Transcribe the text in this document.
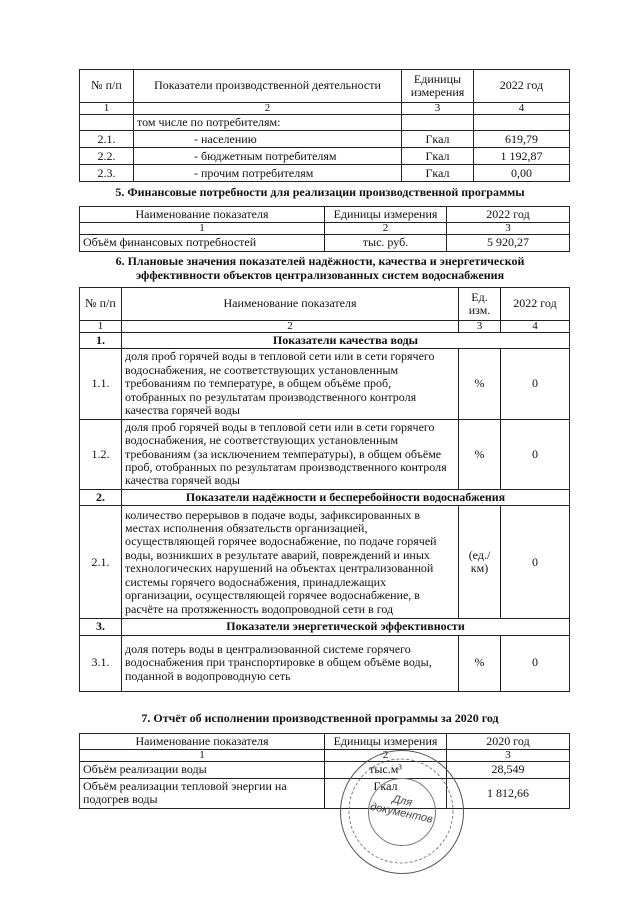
№ п/п	Показатели производственной деятельности	Единицы измерения	2022 год
1	2	3	4
	том числе по потребителям:		
2.1.	- населению	Гкал	619,79
2.2.	- бюджетным потребителям	Гкал	1 192,87
2.3.	- прочим потребителям	Гкал	0,00
5. Финансовые потребности для реализации производственной программы
Наименование показателя	Единицы измерения	2022 год
1	2	3
Объём финансовых потребностей	тыс. руб.	5 920,27
6. Плановые значения показателей надёжности, качества и энергетической
эффективности объектов централизованных систем водоснабжения
№ п/п	Наименование показателя	Ед. изм.	2022 год
1	2	3	4
1.	Показатели качества воды		
1.1.	доля проб горячей воды в тепловой сети или в сети горячего водоснабжения, не соответствующих установленным требованиям по температуре, в общем объёме проб, отобранных по результатам производственного контроля качества горячей воды	%	0
1.2.	доля проб горячей воды в тепловой сети или в сети горячего водоснабжения, не соответствующих установленным требованиям (за исключением температуры), в общем объёме проб, отобранных по результатам производственного контроля качества горячей воды	%	0
2.	Показатели надёжности и бесперебойности водоснабжения		
2.1.	количество перерывов в подаче воды, зафиксированных в местах исполнения обязательств организацией, осуществляющей горячее водоснабжение, по подаче горячей воды, возникших в результате аварий, повреждений и иных технологических нарушений на объектах централизованной системы горячего водоснабжения, принадлежащих организации, осуществляющей горячее водоснабжение, в расчёте на протяженность водопроводной сети в год	(ед./ км)	0
3.	Показатели энергетической эффективности		
3.1.	доля потерь воды в централизованной системе горячего водоснабжения при транспортировке в общем объёме воды, поданной в водопроводную сеть	%	0
7. Отчёт об исполнении производственной программы за 2020 год
Наименование показателя	Единицы измерения	2020 год
1	2	3
Объём реализации воды	тыс.м³	28,549
Объём реализации тепловой энергии на подогрев воды	Гкал	1 812,66
Для документов
